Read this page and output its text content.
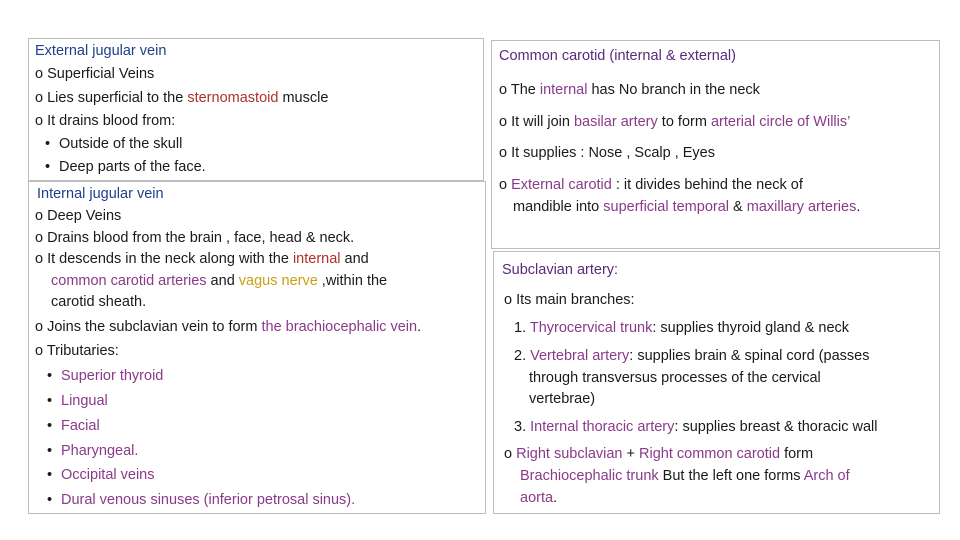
External jugular vein
o Superficial Veins
o Lies superficial to the sternomastoid muscle
o It drains blood from:
• Outside of the skull
• Deep parts of the face.
Internal jugular vein
o Deep Veins
o Drains blood from the brain , face, head & neck.
o It descends in the neck along with the internal and
common carotid arteries and vagus nerve ,within the
carotid sheath.
o Joins the subclavian vein to form the brachiocephalic vein.
o Tributaries:
• Superior thyroid
• Lingual
• Facial
• Pharyngeal.
• Occipital veins
• Dural venous sinuses (inferior petrosal sinus).
Common carotid (internal & external)
o The internal has No branch in the neck
o It will join basilar artery to form arterial circle of Willis’
o It supplies : Nose , Scalp , Eyes
o External carotid : it divides behind the neck of
mandible into superficial temporal & maxillary arteries.
Subclavian artery:
o Its main branches:
1. Thyrocervical trunk: supplies thyroid gland & neck
2. Vertebral artery: supplies brain & spinal cord (passes
through transversus processes of the cervical
vertebrae)
3. Internal thoracic artery: supplies breast & thoracic wall
o Right subclavian + Right common carotid form
Brachiocephalic trunk But the left one forms Arch of
aorta.
